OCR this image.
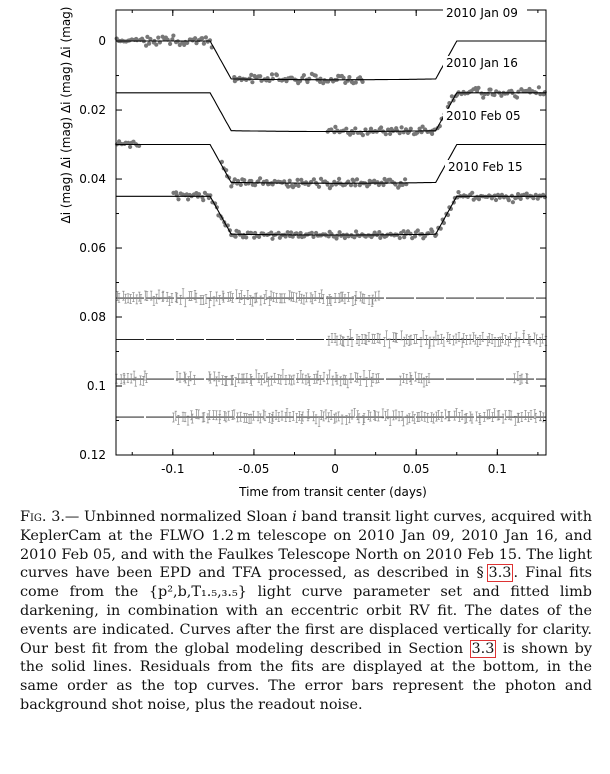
-0.1	-0.05	0	0.05	0.1
0
0.02
0.04
0.06
0.08
0.1
0.12
2010 Jan 09
2010 Jan 16
2010 Feb 05
2010 Feb 15
Time from transit center (days)
Δi (mag) Δi (mag) Δi (mag) Δi (mag)
Fig. 3.— Unbinned normalized Sloan i band transit light curves, acquired with KeplerCam at the FLWO 1.2 m telescope on 2010 Jan 09, 2010 Jan 16, and 2010 Feb 05, and with the Faulkes Telescope North on 2010 Feb 15. The light curves have been EPD and TFA processed, as described in § 3.3 . Final fits come from the {p²,b,T₁.₅,₃.₅} light curve parameter set and fitted limb darkening, in combination with an eccentric orbit RV fit. The dates of the events are indicated. Curves after the first are displaced vertically for clarity. Our best fit from the global modeling described in Section 3.3 is shown by the solid lines. Residuals from the fits are displayed at the bottom, in the same order as the top curves. The error bars represent the photon and background shot noise, plus the readout noise.
